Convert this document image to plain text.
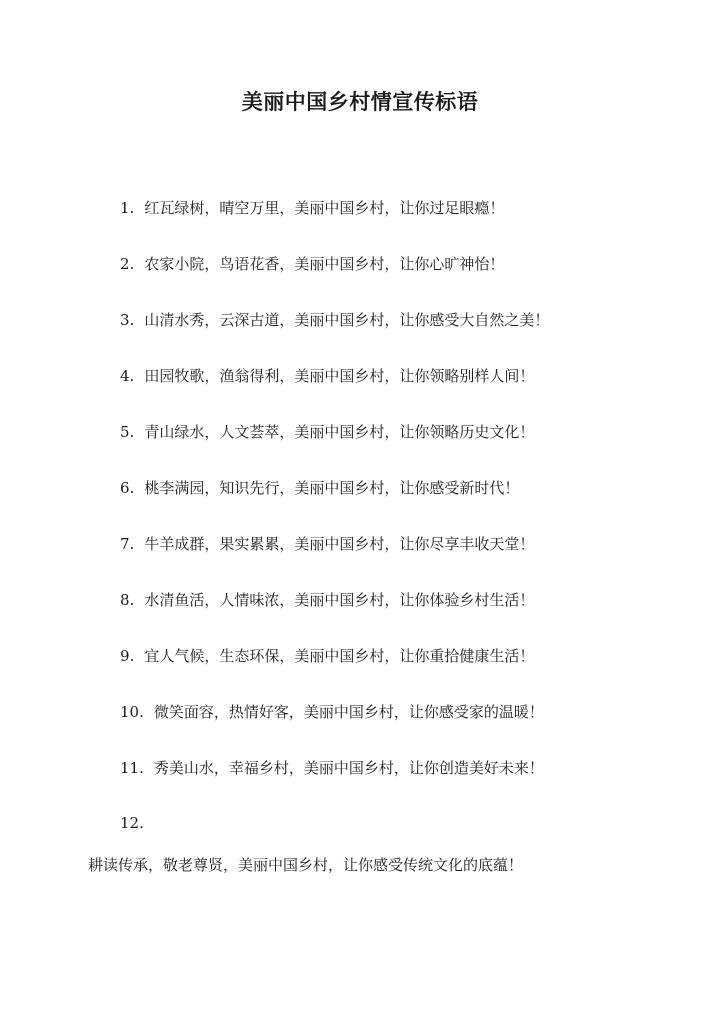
美丽中国乡村情宣传标语
1. 红瓦绿树，晴空万里，美丽中国乡村，让你过足眼瘾！
2. 农家小院，鸟语花香，美丽中国乡村，让你心旷神怡！
3. 山清水秀，云深古道，美丽中国乡村，让你感受大自然之美！
4. 田园牧歌，渔翁得利，美丽中国乡村，让你领略别样人间！
5. 青山绿水，人文荟萃，美丽中国乡村，让你领略历史文化！
6. 桃李满园，知识先行，美丽中国乡村，让你感受新时代！
7. 牛羊成群，果实累累，美丽中国乡村，让你尽享丰收天堂！
8. 水清鱼活，人情味浓，美丽中国乡村，让你体验乡村生活！
9. 宜人气候，生态环保，美丽中国乡村，让你重拾健康生活！
10. 微笑面容，热情好客，美丽中国乡村，让你感受家的温暖！
11. 秀美山水，幸福乡村，美丽中国乡村，让你创造美好未来！
12.
耕读传承，敬老尊贤，美丽中国乡村，让你感受传统文化的底蕴！
